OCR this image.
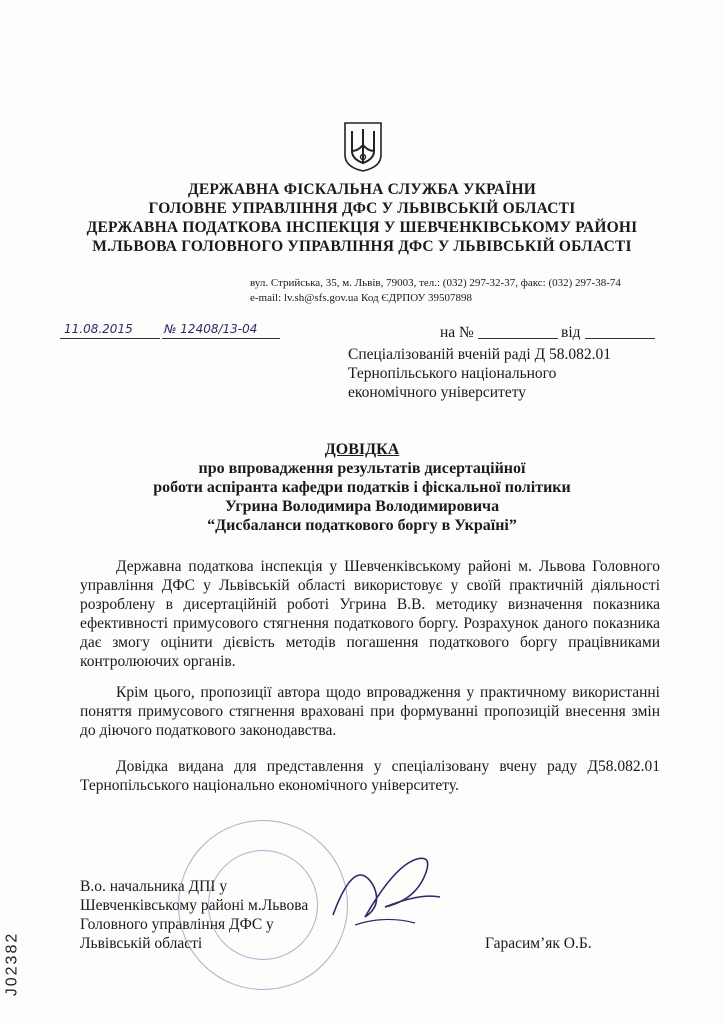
ДЕРЖАВНА ФІСКАЛЬНА СЛУЖБА УКРАЇНИ
ГОЛОВНЕ УПРАВЛІННЯ ДФС У ЛЬВІВСЬКІЙ ОБЛАСТІ
ДЕРЖАВНА ПОДАТКОВА ІНСПЕКЦІЯ У ШЕВЧЕНКІВСЬКОМУ РАЙОНІ
М.ЛЬВОВА ГОЛОВНОГО УПРАВЛІННЯ ДФС У ЛЬВІВСЬКІЙ ОБЛАСТІ
вул. Стрийська, 35, м. Львів, 79003, тел.: (032) 297-32-37, факс: (032) 297-38-74
e-mail: lv.sh@sfs.gov.ua Код ЄДРПОУ 39507898
11.08.2015	№ 12408/13-04	на №	від
Спеціалізованій вченій раді Д 58.082.01
Тернопільського національного
економічного університету
ДОВІДКА
про впровадження результатів дисертаційної
роботи аспіранта кафедри податків і фіскальної політики
Угрина Володимира Володимировича
“Дисбаланси податкового боргу в Україні”
Державна податкова інспекція у Шевченківському районі м. Львова Головного управління ДФС у Львівській області використовує у своїй практичній діяльності розроблену в дисертаційній роботі Угрина В.В. методику визначення показника ефективності примусового стягнення податкового боргу. Розрахунок даного показника дає змогу оцінити дієвість методів погашення податкового боргу працівниками контролюючих органів.
Крім цього, пропозиції автора щодо впровадження у практичному використанні поняття примусового стягнення враховані при формуванні пропозицій внесення змін до діючого податкового законодавства.
Довідка видана для представлення у спеціалізовану вчену раду Д58.082.01 Тернопільського національно економічного університету.
В.о. начальника ДПІ у
Шевченківському районі м.Львова
Головного управління ДФС у
Львівській області	Гарасим’як О.Б.
J02382
